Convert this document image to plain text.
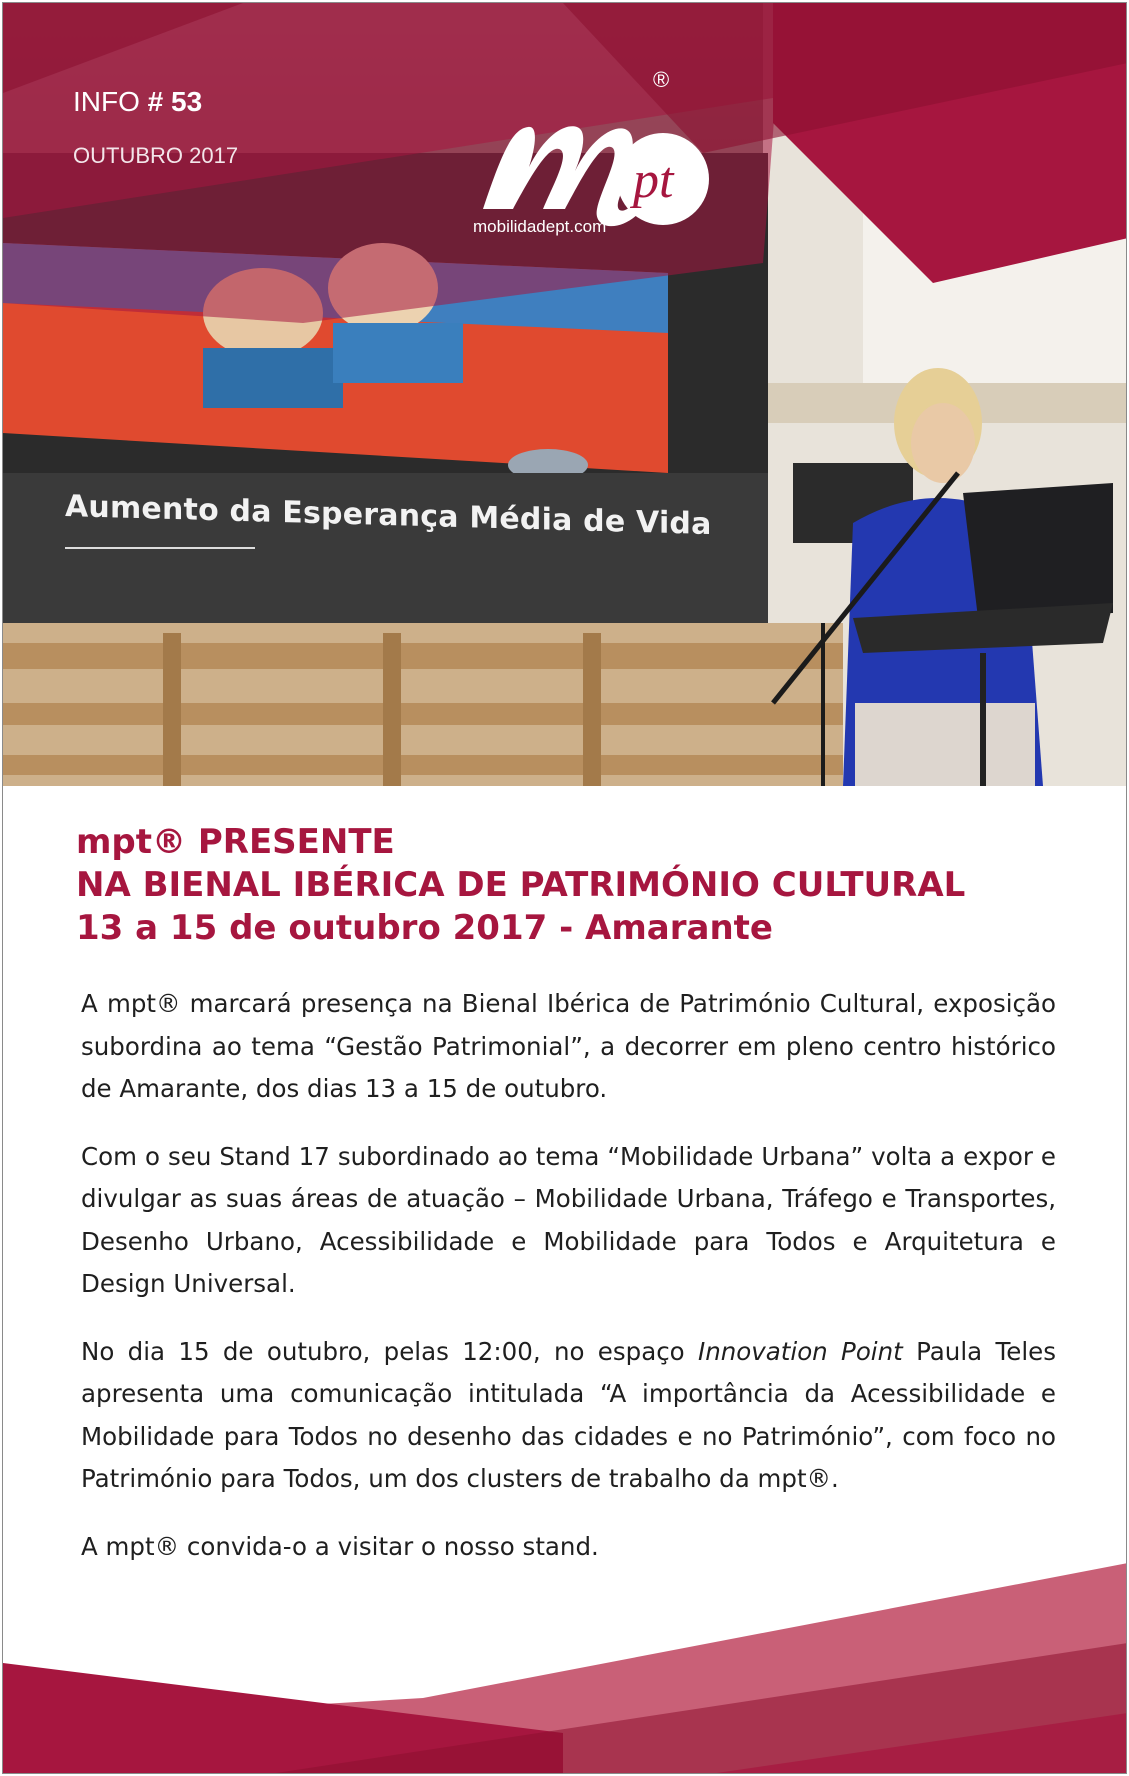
Aumento da Esperança Média de Vida
INFO # 53
OUTUBRO 2017	pt
®
mobilidadept.com
mpt® PRESENTE
NA BIENAL IBÉRICA DE PATRIMÓNIO CULTURAL
13 a 15 de outubro 2017 - Amarante

A mpt® marcará presença na Bienal Ibérica de Património Cultural, exposição subordina ao tema “Gestão Patrimonial”, a decorrer em pleno centro histórico de Amarante, dos dias 13 a 15 de outubro.

Com o seu Stand 17 subordinado ao tema “Mobilidade Urbana” volta a expor e divulgar as suas áreas de atuação – Mobilidade Urbana, Tráfego e Transportes, Desenho Urbano, Acessibilidade e Mobilidade para Todos e Arquitetura e Design Universal.

No dia 15 de outubro, pelas 12:00, no espaço Innovation Point Paula Teles apresenta uma comunicação intitulada “A importância da Acessibilidade e Mobilidade para Todos no desenho das cidades e no Património”, com foco no Património para Todos, um dos clusters de trabalho da mpt®.

A mpt® convida-o a visitar o nosso stand.
